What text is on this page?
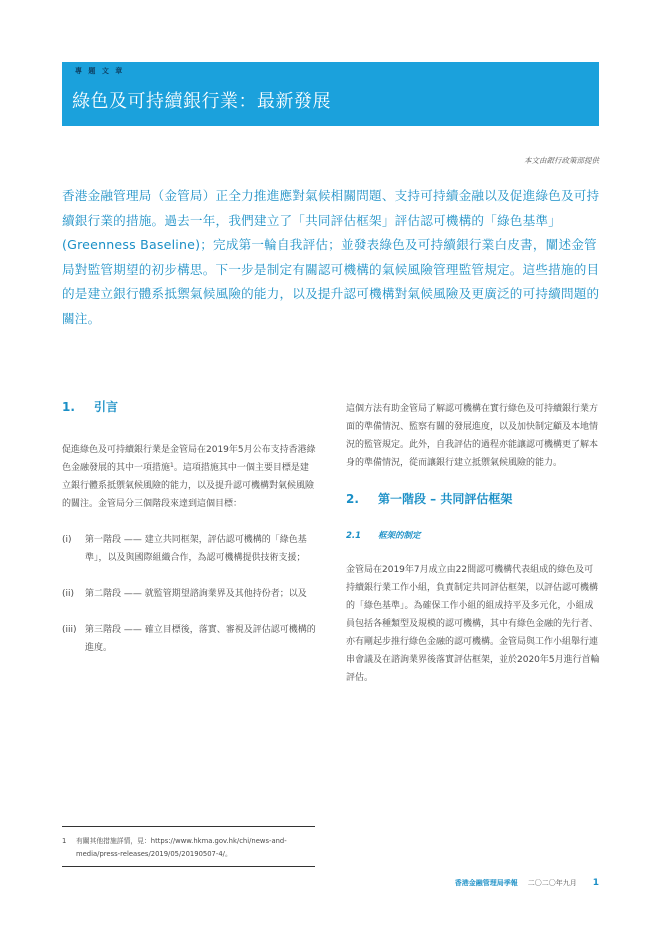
專 題 文 章
綠色及可持續銀行業：最新發展
本文由銀行政策部提供

香港金融管理局（金管局）正全力推進應對氣候相關問題、支持可持續金融以及促進綠色及可持續銀行業的措施。過去一年，我們建立了「共同評估框架」評估認可機構的「綠色基準」(Greenness Baseline)；完成第一輪自我評估；並發表綠色及可持續銀行業白皮書，闡述金管局對監管期望的初步構思。下一步是制定有關認可機構的氣候風險管理監管規定。這些措施的目的是建立銀行體系抵禦氣候風險的能力，以及提升認可機構對氣候風險及更廣泛的可持續問題的關注。

1. 引言

促進綠色及可持續銀行業是金管局在2019年5月公布支持香港綠色金融發展的其中一項措施$^1$。這項措施其中一個主要目標是建立銀行體系抵禦氣候風險的能力，以及提升認可機構對氣候風險的關注。金管局分三個階段來達到這個目標：

(i) 第一階段 —— 建立共同框架，評估認可機構的「綠色基準」，以及與國際組織合作，為認可機構提供技術支援；
(ii) 第二階段 —— 就監管期望諮詢業界及其他持份者；以及
(iii) 第三階段 —— 確立目標後，落實、審視及評估認可機構的進度。

這個方法有助金管局了解認可機構在實行綠色及可持續銀行業方面的準備情況、監察有關的發展進度，以及加快制定顧及本地情況的監管規定。此外，自我評估的過程亦能讓認可機構更了解本身的準備情況，從而讓銀行建立抵禦氣候風險的能力。

2. 第一階段 – 共同評估框架
2.1 框架的制定

金管局在2019年7月成立由22間認可機構代表組成的綠色及可持續銀行業工作小組，負責制定共同評估框架，以評估認可機構的「綠色基準」。為確保工作小組的組成持平及多元化，小組成員包括各種類型及規模的認可機構，其中有綠色金融的先行者、亦有剛起步推行綠色金融的認可機構。金管局與工作小組舉行連串會議及在諮詢業界後落實評估框架，並於2020年5月進行首輪評估。

1	有關其他措施詳情，見：https://www.hkma.gov.hk/chi/news-and-media/press-releases/2019/05/20190507-4/。
香港金融管理局季報 二〇二〇年九月 1
